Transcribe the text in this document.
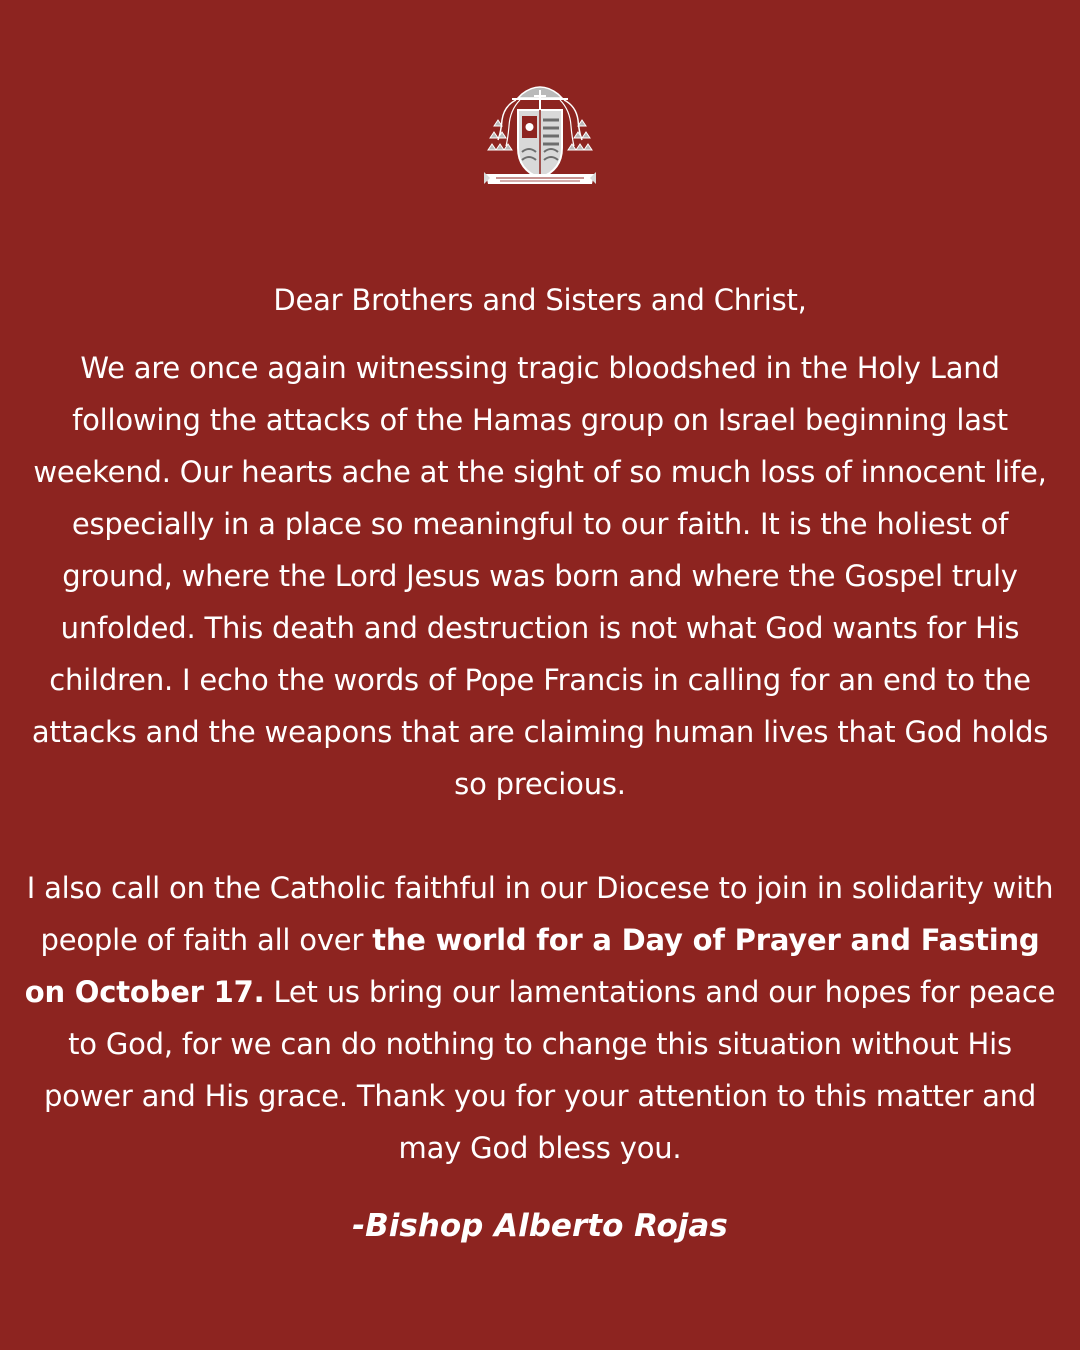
Dear Brothers and Sisters and Christ,
We are once again witnessing tragic bloodshed in the Holy Land following the attacks of the Hamas group on Israel beginning last weekend. Our hearts ache at the sight of so much loss of innocent life, especially in a place so meaningful to our faith. It is the holiest of ground, where the Lord Jesus was born and where the Gospel truly unfolded. This death and destruction is not what God wants for His children. I echo the words of Pope Francis in calling for an end to the attacks and the weapons that are claiming human lives that God holds so precious.
I also call on the Catholic faithful in our Diocese to join in solidarity with people of faith all over the world for a Day of Prayer and Fasting on October 17. Let us bring our lamentations and our hopes for peace to God, for we can do nothing to change this situation without His power and His grace. Thank you for your attention to this matter and may God bless you.
-Bishop Alberto Rojas
